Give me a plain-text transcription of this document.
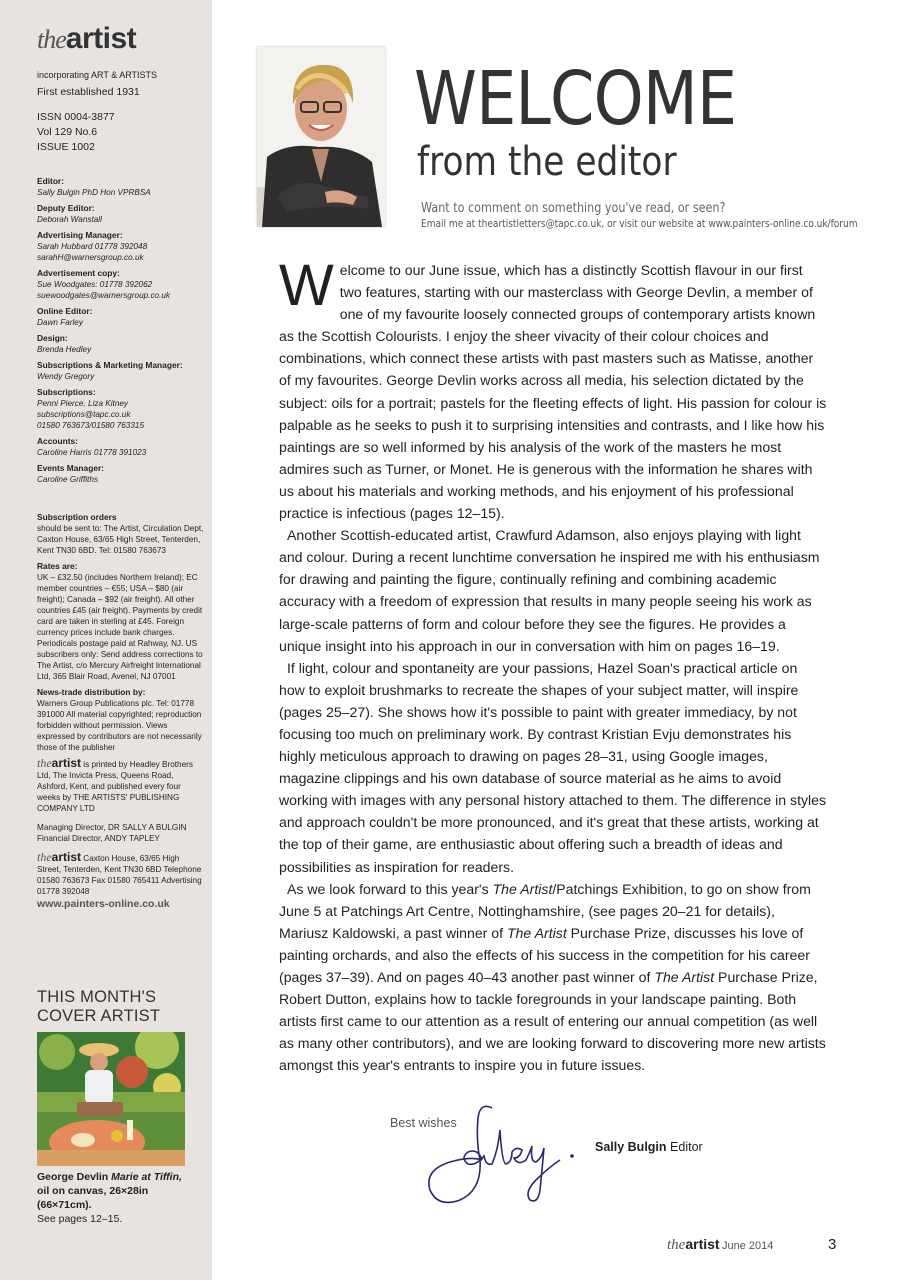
theartist
incorporating ART & ARTISTS
First established 1931
ISSN 0004-3877
Vol 129 No.6
ISSUE 1002

Editor:

Sally Bulgin PhD Hon VPRBSA

Deputy Editor:

Deborah Wanstall

Advertising Manager:

Sarah Hubbard 01778 392048

sarahH@warnersgroup.co.uk

Advertisement copy:

Sue Woodgates: 01778 392062

suewoodgates@warnersgroup.co.uk

Online Editor:

Dawn Farley

Design:

Brenda Hedley

Subscriptions & Marketing Manager:

Wendy Gregory

Subscriptions:

Penni Pierce, Liza Kitney

subscriptions@tapc.co.uk

01580 763673/01580 763315

Accounts:

Caroline Harris 01778 391023

Events Manager:

Caroline Griffiths

Subscription orders

should be sent to: The Artist, Circulation Dept, Caxton House, 63/65 High Street, Tenterden, Kent TN30 6BD. Tel: 01580 763673

Rates are:

UK – £32.50 (includes Northern Ireland); EC member countries – €55; USA – $80 (air freight); Canada – $92 (air freight). All other countries £45 (air freight). Payments by credit card are taken in sterling at £45. Foreign currency prices include bank charges. Periodicals postage paid at Rahway, NJ. US subscribers only: Send address corrections to The Artist, c/o Mercury Airfreight International Ltd, 365 Blair Road, Avenel, NJ 07001

News-trade distribution by:

Warners Group Publications plc. Tel: 01778 391000 All material copyrighted; reproduction forbidden without permission. Views expressed by contributors are not necessarily those of the publisher

theartist is printed by Headley Brothers Ltd, The Invicta Press, Queens Road, Ashford, Kent, and published every four weeks by THE ARTISTS' PUBLISHING COMPANY LTD

Managing Director, DR SALLY A BULGIN

Financial Director, ANDY TAPLEY

theartist Caxton House, 63/65 High Street, Tenterden, Kent TN30 6BD Telephone 01580 763673 Fax 01580 765411 Advertising 01778 392048

www.painters-online.co.uk

THIS MONTH'S
COVER ARTIST
George Devlin Marie at Tiffin,
oil on canvas, 26×28in
(66×71cm).
See pages 12–15.
WELCOME
from the editor
Want to comment on something you've read, or seen?
Email me at theartistletters@tapc.co.uk, or visit our website at www.painters-online.co.uk/forum

Welcome to our June issue, which has a distinctly Scottish flavour in our first two features, starting with our masterclass with George Devlin, a member of one of my favourite loosely connected groups of contemporary artists known as the Scottish Colourists. I enjoy the sheer vivacity of their colour choices and combinations, which connect these artists with past masters such as Matisse, another of my favourites. George Devlin works across all media, his selection dictated by the subject: oils for a portrait; pastels for the fleeting effects of light. His passion for colour is palpable as he seeks to push it to surprising intensities and contrasts, and I like how his paintings are so well informed by his analysis of the work of the masters he most admires such as Turner, or Monet. He is generous with the information he shares with us about his materials and working methods, and his enjoyment of his professional practice is infectious (pages 12–15).

Another Scottish-educated artist, Crawfurd Adamson, also enjoys playing with light and colour. During a recent lunchtime conversation he inspired me with his enthusiasm for drawing and painting the figure, continually refining and combining academic accuracy with a freedom of expression that results in many people seeing his work as large-scale patterns of form and colour before they see the figures. He provides a unique insight into his approach in our in conversation with him on pages 16–19.

If light, colour and spontaneity are your passions, Hazel Soan's practical article on how to exploit brushmarks to recreate the shapes of your subject matter, will inspire (pages 25–27). She shows how it's possible to paint with greater immediacy, by not focusing too much on preliminary work. By contrast Kristian Evju demonstrates his highly meticulous approach to drawing on pages 28–31, using Google images, magazine clippings and his own database of source material as he aims to avoid working with images with any personal history attached to them. The difference in styles and approach couldn't be more pronounced, and it's great that these artists, working at the top of their game, are enthusiastic about offering such a breadth of ideas and possibilities as inspiration for readers.

As we look forward to this year's The Artist/Patchings Exhibition, to go on show from June 5 at Patchings Art Centre, Nottinghamshire, (see pages 20–21 for details), Mariusz Kaldowski, a past winner of The Artist Purchase Prize, discusses his love of painting orchards, and also the effects of his success in the competition for his career (pages 37–39). And on pages 40–43 another past winner of The Artist Purchase Prize, Robert Dutton, explains how to tackle foregrounds in your landscape painting. Both artists first came to our attention as a result of entering our annual competition (as well as many other contributors), and we are looking forward to discovering more new artists amongst this year's entrants to inspire you in future issues.

Best wishes
Sally Bulgin Editor
theartist June 2014	3
